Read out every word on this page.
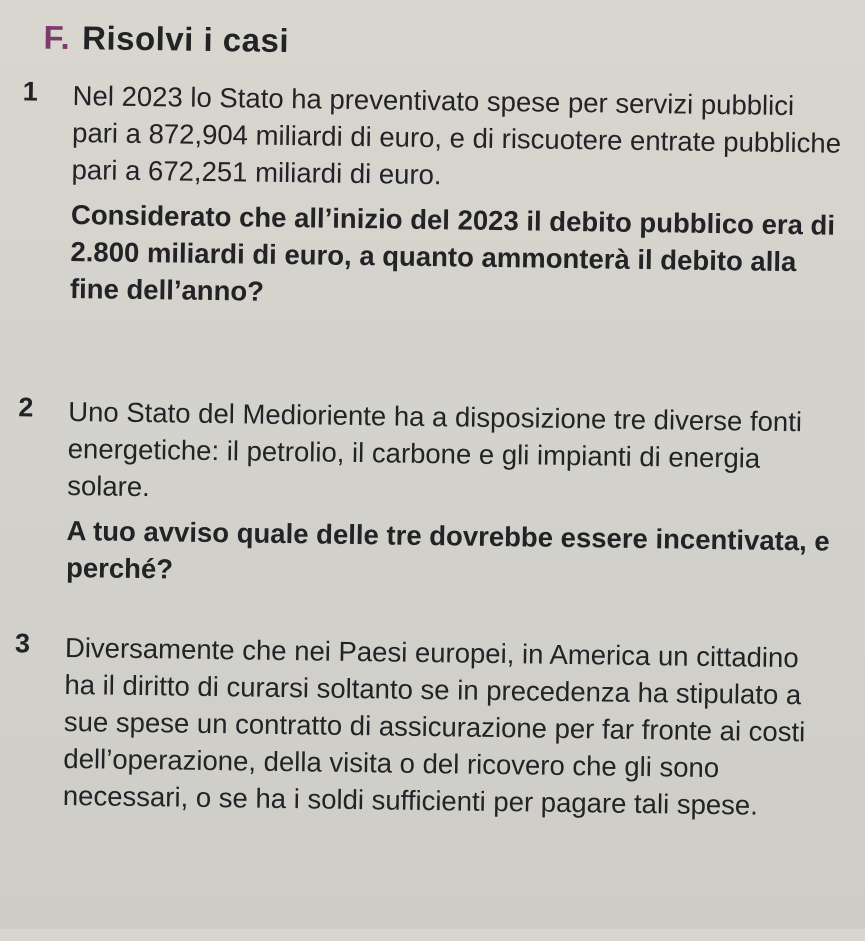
F. Risolvi i casi
1	Nel 2023 lo Stato ha preventivato spese per servizi pubblici pari a 872,904 miliardi di euro, e di riscuotere entrate pubbliche pari a 672,251 miliardi di euro.

Considerato che all’inizio del 2023 il debito pubblico era di 2.800 miliardi di euro, a quanto ammonterà il debito alla fine dell’anno?

2	Uno Stato del Medioriente ha a disposizione tre diverse fonti energetiche: il petrolio, il carbone e gli impianti di energia solare.

A tuo avviso quale delle tre dovrebbe essere incentivata, e perché?

3	Diversamente che nei Paesi europei, in America un cittadino ha il diritto di curarsi soltanto se in precedenza ha stipulato a sue spese un contratto di assicurazione per far fronte ai costi dell’operazione, della visita o del ricovero che gli sono necessari, o se ha i soldi sufficienti per pagare tali spese.
